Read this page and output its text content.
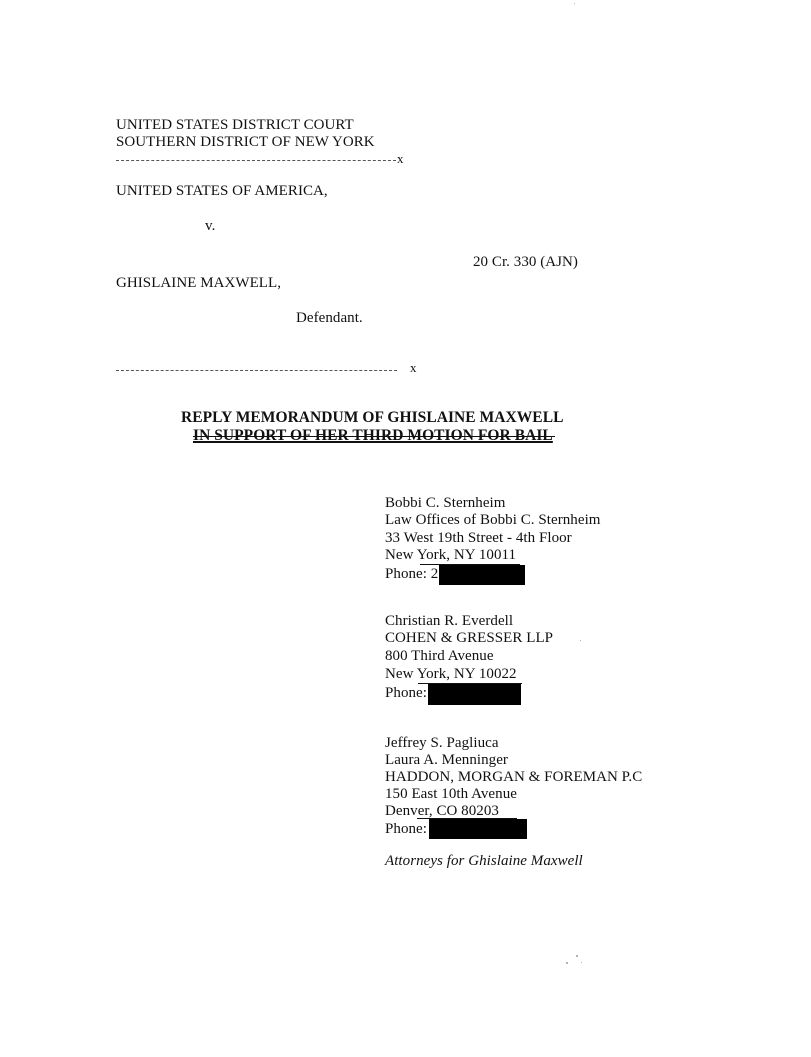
UNITED STATES DISTRICT COURT
SOUTHERN DISTRICT OF NEW YORK
x
UNITED STATES OF AMERICA,
v.
20 Cr. 330 (AJN)
GHISLAINE MAXWELL,
Defendant.
x
REPLY MEMORANDUM OF GHISLAINE MAXWELL
IN SUPPORT OF HER THIRD MOTION FOR BAIL
Bobbi C. Sternheim
Law Offices of Bobbi C. Sternheim
33 West 19th Street - 4th Floor
New York, NY 10011
Phone: 2
Christian R. Everdell
COHEN & GRESSER LLP
800 Third Avenue
New York, NY 10022
Phone:
Jeffrey S. Pagliuca
Laura A. Menninger
HADDON, MORGAN & FOREMAN P.C
150 East 10th Avenue
Denver, CO 80203
Phone:
Attorneys for Ghislaine Maxwell
